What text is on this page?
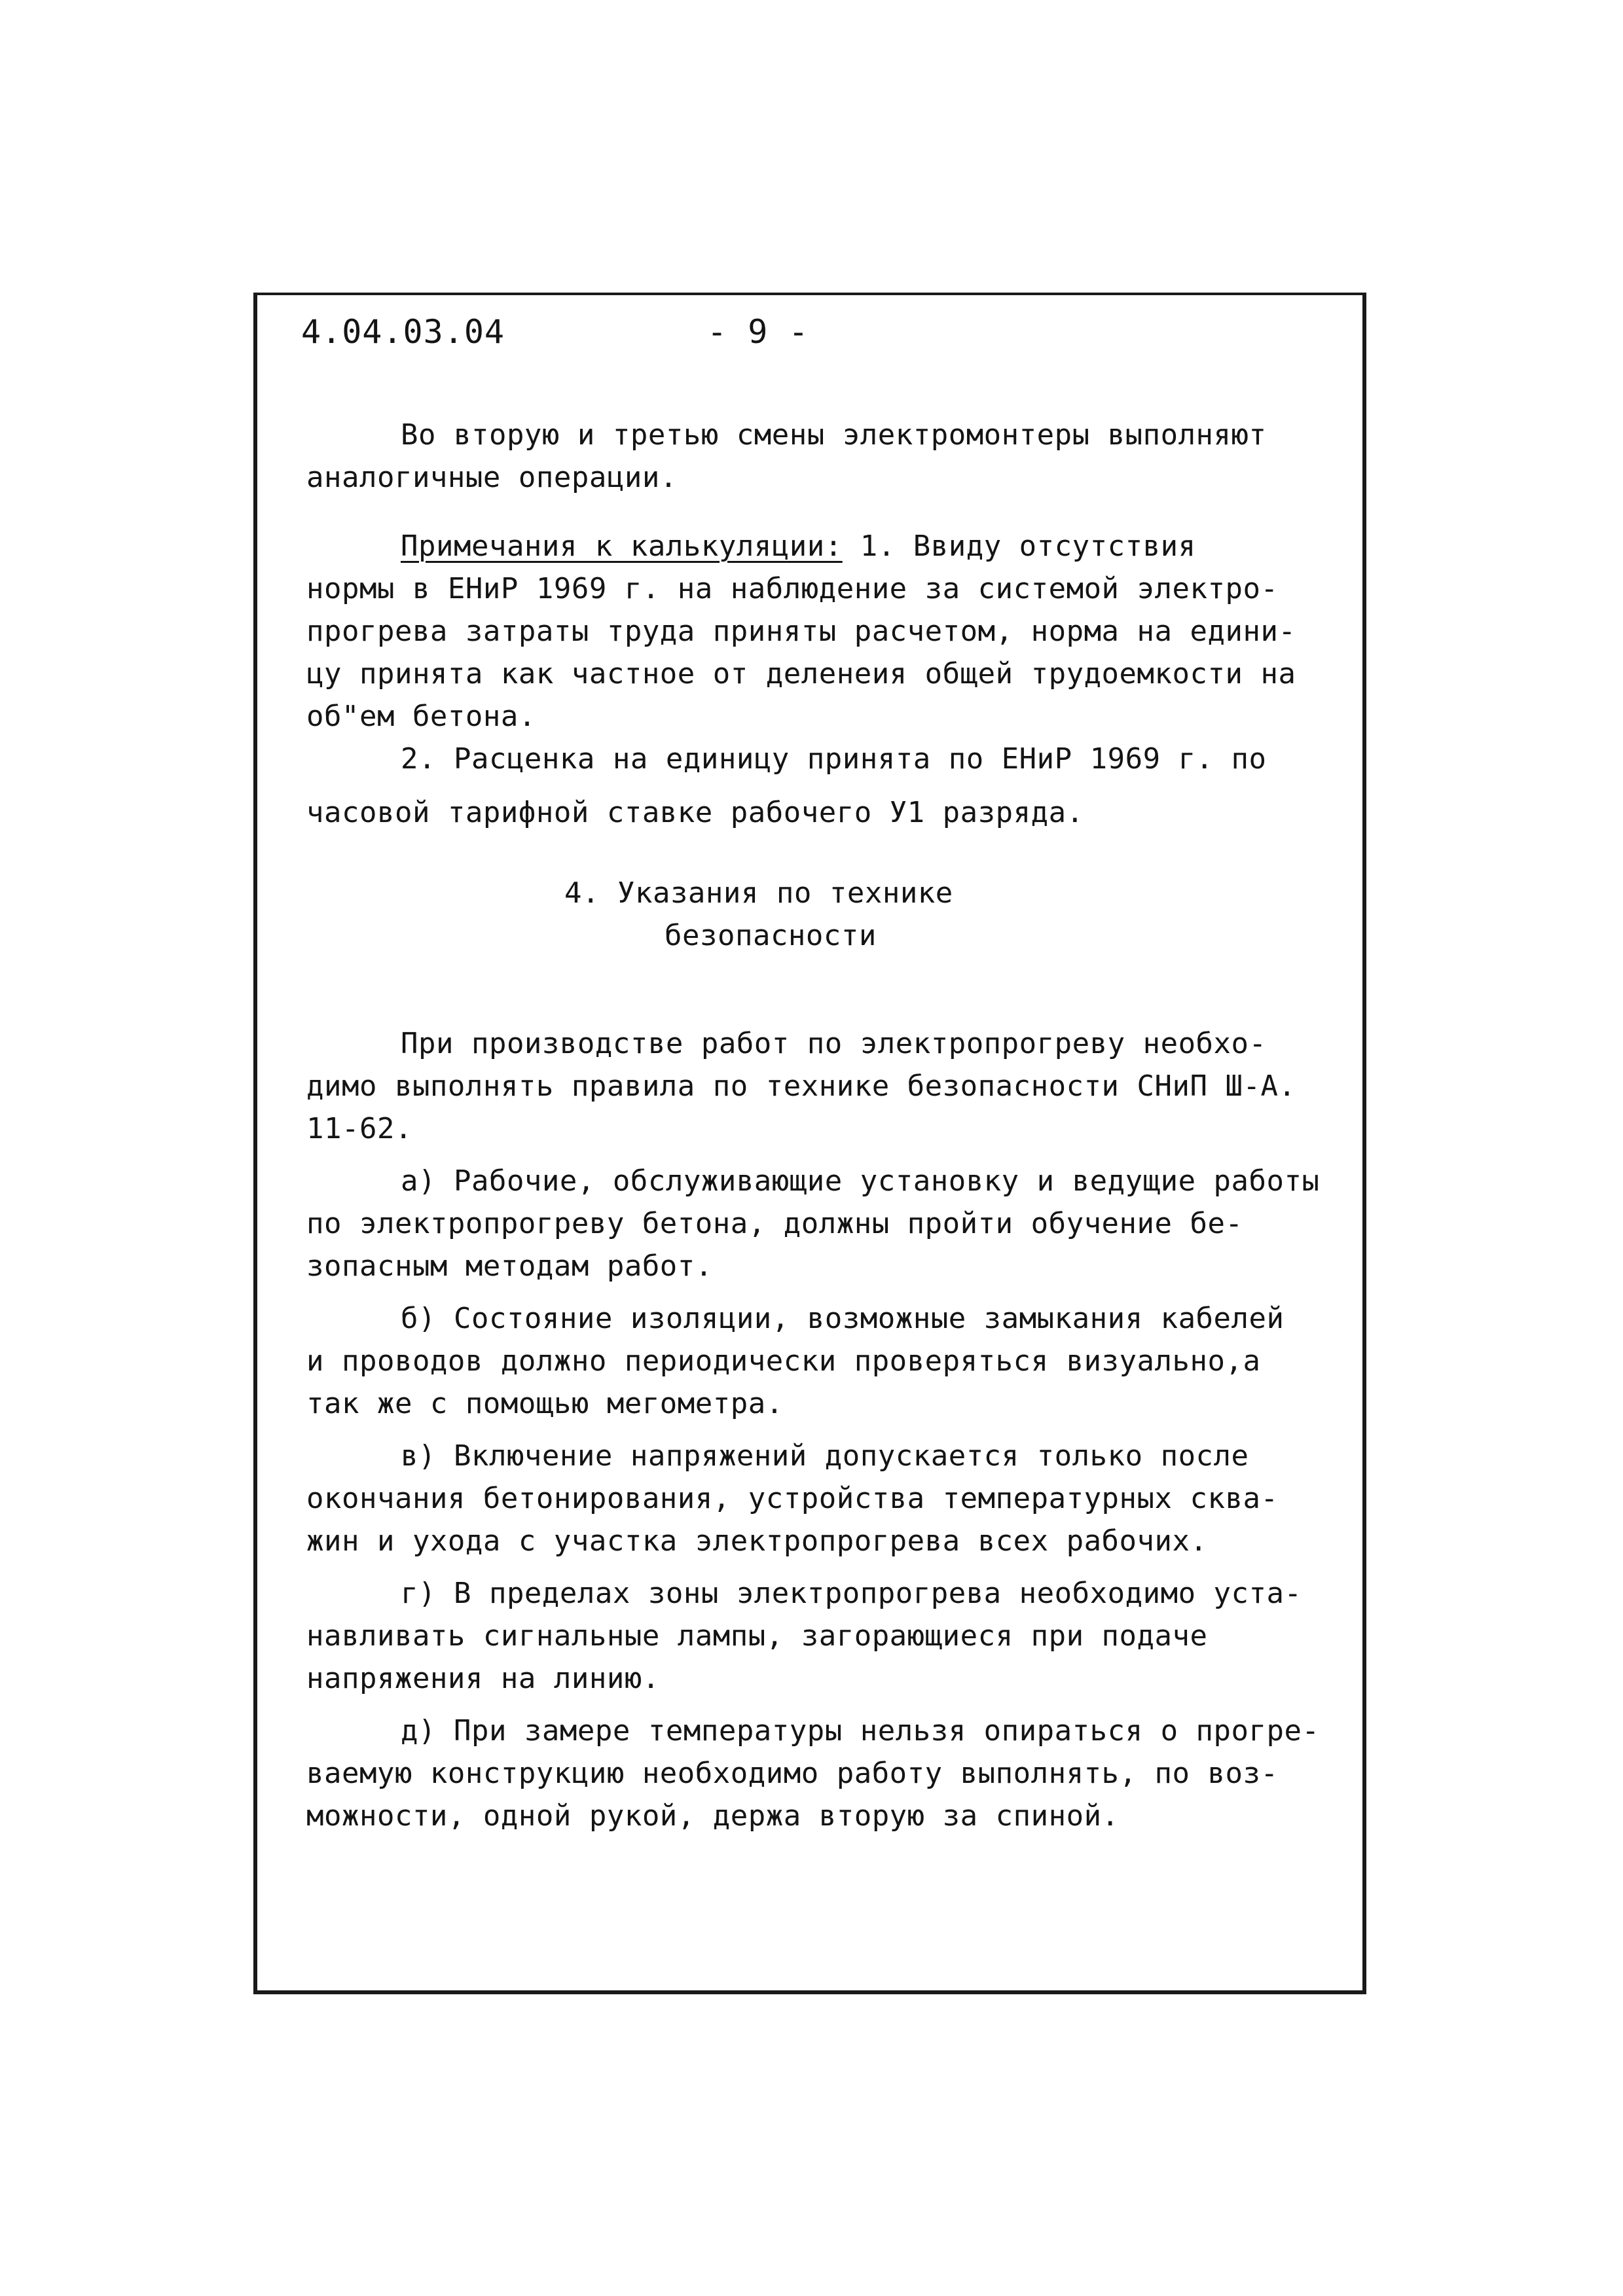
4.04.03.04	- 9 -
Во вторую и третью смены электромонтеры выполняют
аналогичные операции.
Примечания к калькуляции: 1. Ввиду отсутствия
нормы в ЕНиР 1969 г. на наблюдение за системой электро-
прогрева затраты труда приняты расчетом, норма на едини-
цу принята как частное от деленеия общей трудоемкости на
об"ем бетона.
2. Расценка на единицу принята по ЕНиР 1969 г. по
часовой тарифной ставке рабочего У1 разряда.
4. Указания по технике
безопасности
При производстве работ по электропрогреву необхо-
димо выполнять правила по технике безопасности СНиП Ш-А.
11-62.
а) Рабочие, обслуживающие установку и ведущие работы
по электропрогреву бетона, должны пройти обучение бе-
зопасным методам работ.
б) Состояние изоляции, возможные замыкания кабелей
и проводов должно периодически проверяться визуально,а
так же с помощью мегометра.
в) Включение напряжений допускается только после
окончания бетонирования, устройства температурных сква-
жин и ухода с участка электропрогрева всех рабочих.
г) В пределах зоны электропрогрева необходимо уста-
навливать сигнальные лампы, загорающиеся при подаче
напряжения на линию.
д) При замере температуры нельзя опираться о прогре-
ваемую конструкцию необходимо работу выполнять, по воз-
можности, одной рукой, держа вторую за спиной.
